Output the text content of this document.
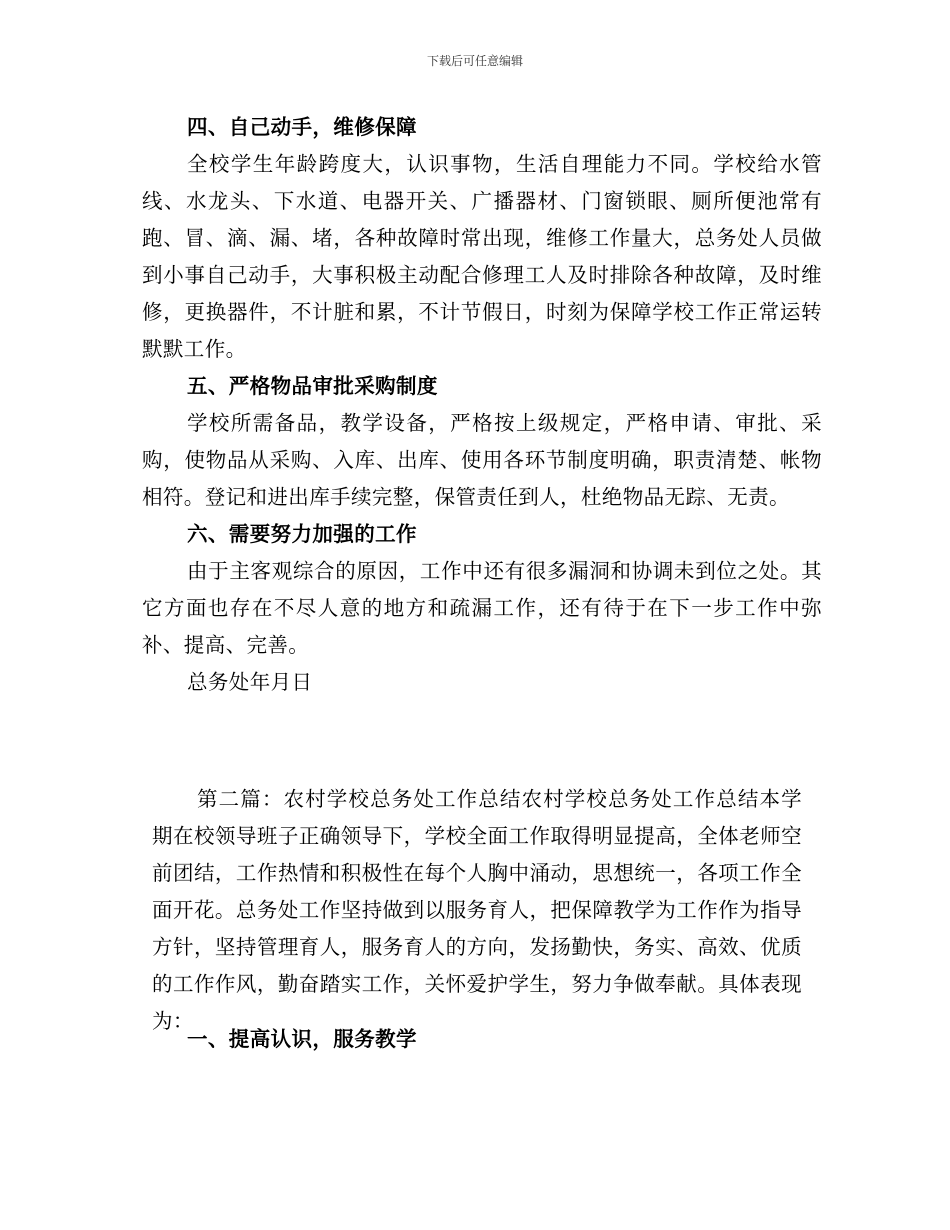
下载后可任意编辑

四、自己动手，维修保障

全校学生年龄跨度大，认识事物，生活自理能力不同。学校给水管线、水龙头、下水道、电器开关、广播器材、门窗锁眼、厕所便池常有跑、冒、滴、漏、堵，各种故障时常出现，维修工作量大，总务处人员做到小事自己动手，大事积极主动配合修理工人及时排除各种故障，及时维修，更换器件，不计脏和累，不计节假日，时刻为保障学校工作正常运转默默工作。

五、严格物品审批采购制度

学校所需备品，教学设备，严格按上级规定，严格申请、审批、采购，使物品从采购、入库、出库、使用各环节制度明确，职责清楚、帐物相符。登记和进出库手续完整，保管责任到人，杜绝物品无踪、无责。

六、需要努力加强的工作

由于主客观综合的原因，工作中还有很多漏洞和协调未到位之处。其它方面也存在不尽人意的地方和疏漏工作，还有待于在下一步工作中弥补、提高、完善。

总务处年月日

第二篇：农村学校总务处工作总结农村学校总务处工作总结本学期在校领导班子正确领导下，学校全面工作取得明显提高，全体老师空前团结，工作热情和积极性在每个人胸中涌动，思想统一，各项工作全面开花。总务处工作坚持做到以服务育人，把保障教学为工作作为指导方针，坚持管理育人，服务育人的方向，发扬勤快，务实、高效、优质的工作作风，勤奋踏实工作，关怀爱护学生，努力争做奉献。具体表现为：

一、提高认识，服务教学
